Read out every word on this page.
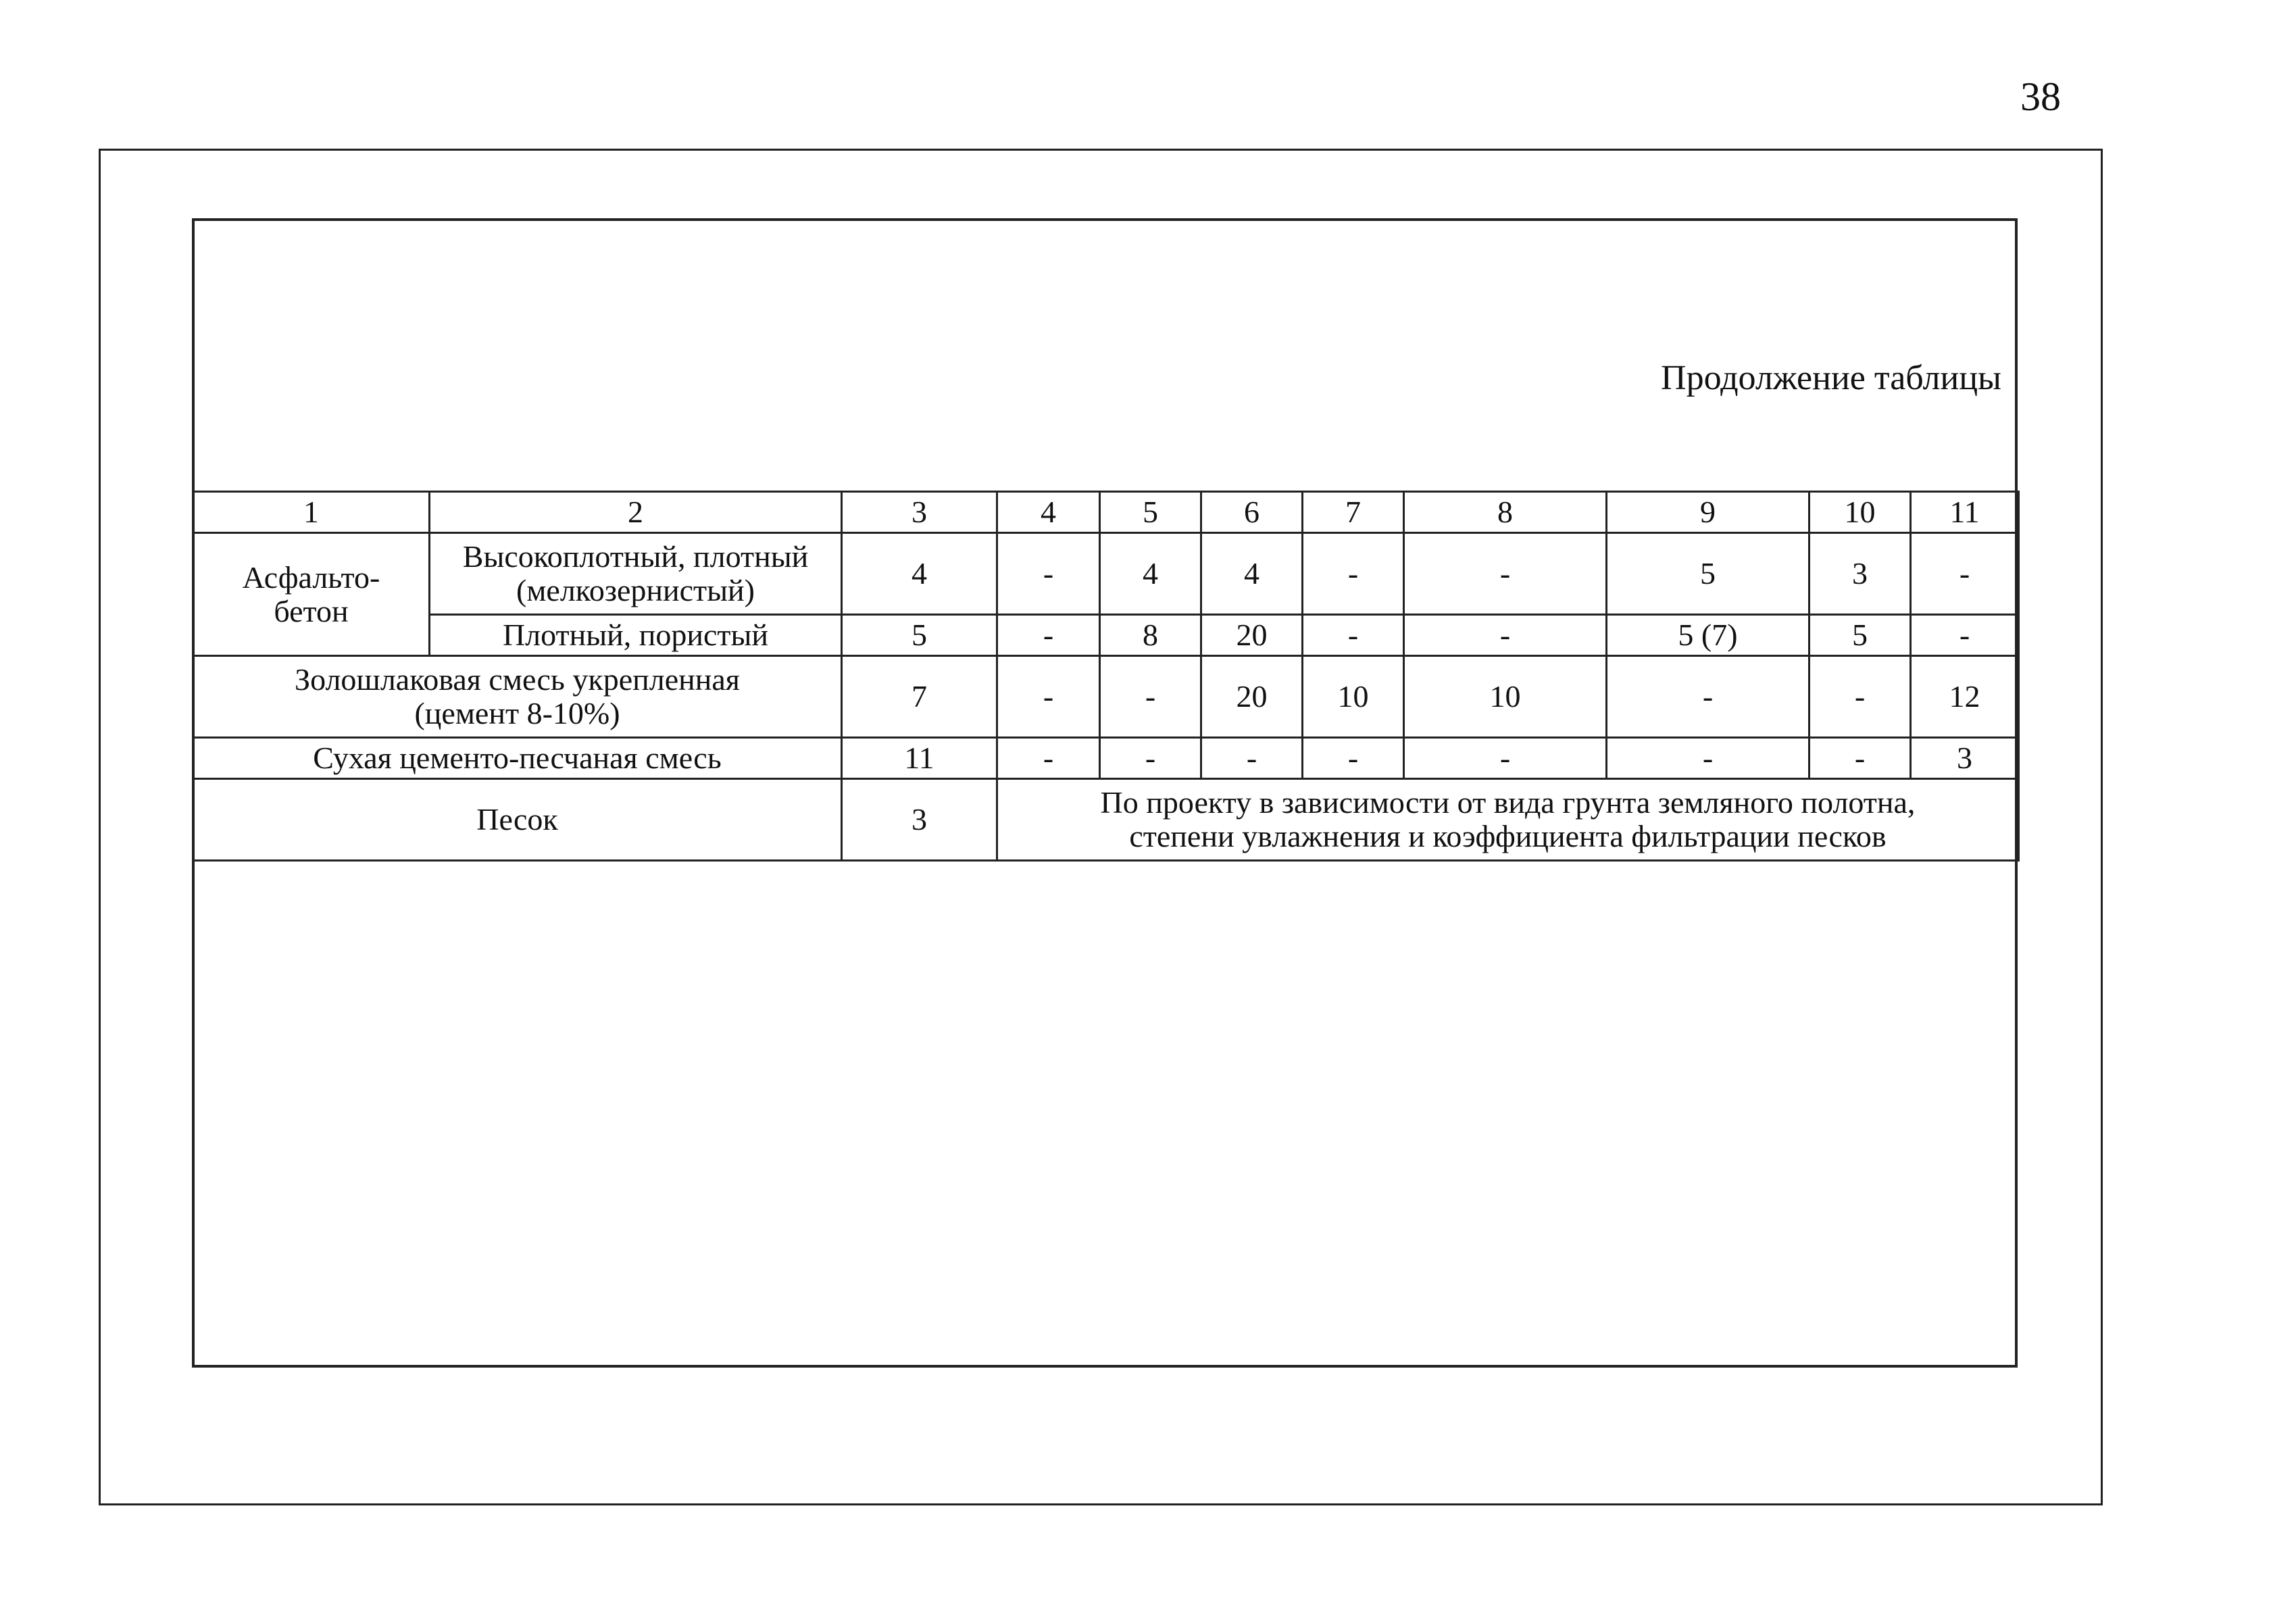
38
Продолжение таблицы
1	2	3	4	5	6	7	8	9	10	11

Асфальто-
бетон	Высокоплотный, плотный
(мелкозернистый)	4	-	4	4	-	-	5	3	-
	Плотный, пористый	5	-	8	20	-	-	5 (7)	5	-

Золошлаковая смесь укрепленная
(цемент 8-10%)		7	-	-	20	10	10	-	-	12
Сухая цементо-песчаная смесь		11	-	-	-	-	-	-	-	3
Песок		3	По проекту в зависимости от вида грунта земляного полотна,
степени увлажнения и коэффициента фильтрации песков							
